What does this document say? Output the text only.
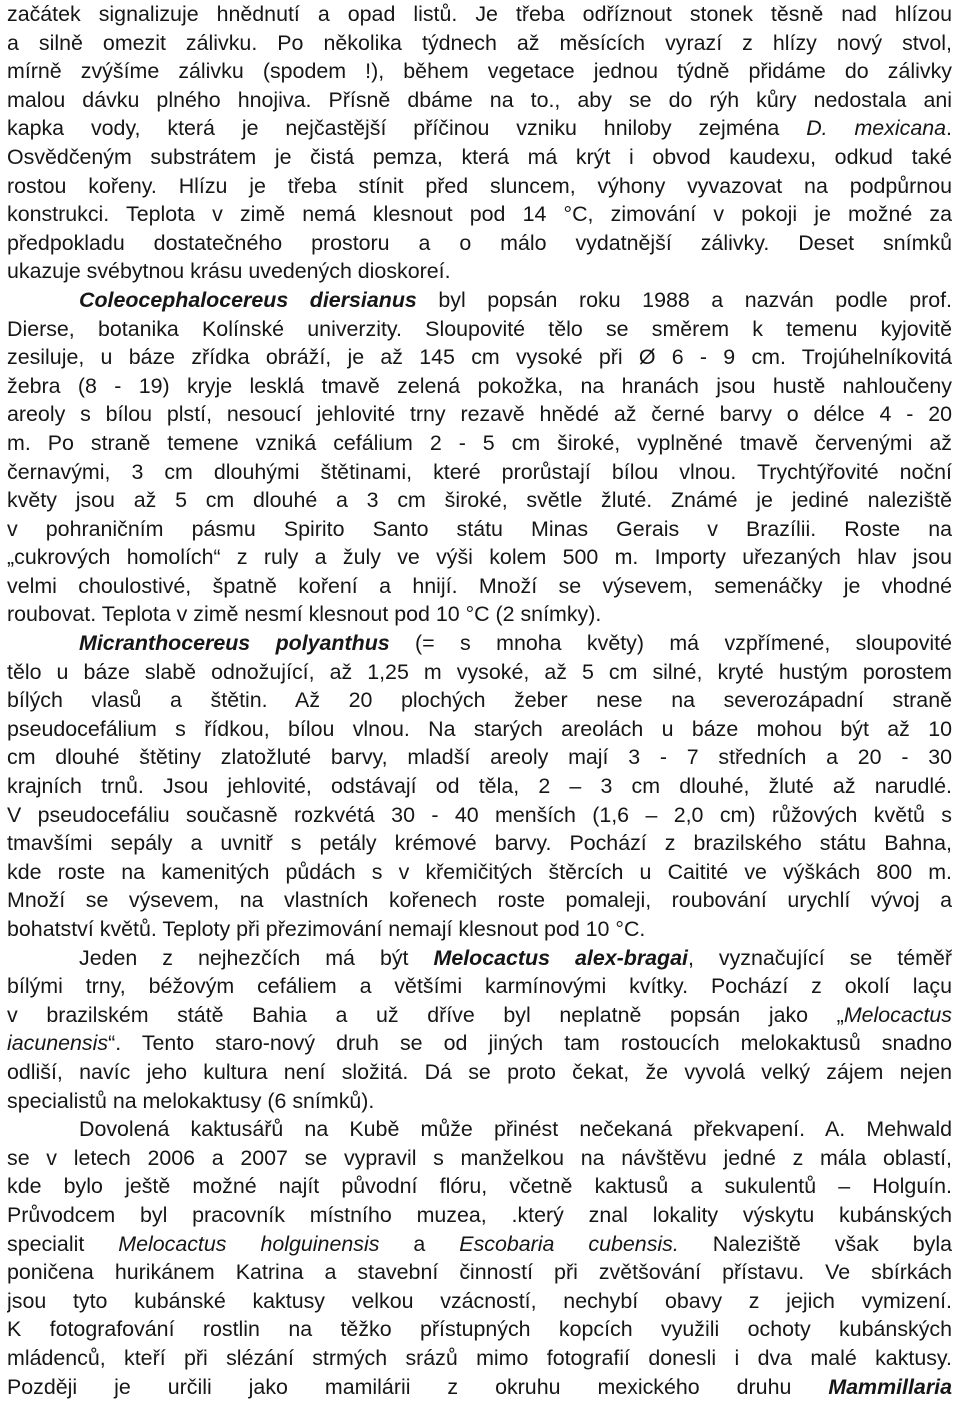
začátek signalizuje hnědnutí a opad listů. Je třeba odříznout stonek těsně nad hlízou
a silně omezit zálivku. Po několika týdnech až měsících vyrazí z hlízy nový stvol,
mírně zvýšíme zálivku (spodem !), během vegetace jednou týdně přidáme do zálivky
malou dávku plného hnojiva. Přísně dbáme na to., aby se do rýh kůry nedostala ani
kapka vody, která je nejčastější příčinou vzniku hniloby zejména D. mexicana.
Osvědčeným substrátem je čistá pemza, která má krýt i obvod kaudexu, odkud také
rostou kořeny. Hlízu je třeba stínit před sluncem, výhony vyvazovat na podpůrnou
konstrukci. Teplota v zimě nemá klesnout pod 14 °C, zimování v pokoji je možné za
předpokladu dostatečného prostoru a o málo vydatnější zálivky. Deset snímků
ukazuje svébytnou krásu uvedených dioskoreí.
Coleocephalocereus diersianus byl popsán roku 1988 a nazván podle prof.
Dierse, botanika Kolínské univerzity. Sloupovité tělo se směrem k temenu kyjovitě
zesiluje, u báze zřídka obráží, je až 145 cm vysoké při Ø 6 - 9 cm. Trojúhelníkovitá
žebra (8 - 19) kryje lesklá tmavě zelená pokožka, na hranách jsou hustě nahloučeny
areoly s bílou plstí, nesoucí jehlovité trny rezavě hnědé až černé barvy o délce 4 - 20
m. Po straně temene vzniká cefálium 2 - 5 cm široké, vyplněné tmavě červenými až
černavými, 3 cm dlouhými štětinami, které prorůstají bílou vlnou. Trychtýřovité noční
květy jsou až 5 cm dlouhé a 3 cm široké, světle žluté. Známé je jediné naleziště
v pohraničním pásmu Spirito Santo státu Minas Gerais v Brazílii. Roste na
„cukrových homolích“ z ruly a žuly ve výši kolem 500 m. Importy uřezaných hlav jsou
velmi choulostivé, špatně koření a hnijí. Množí se výsevem, semenáčky je vhodné
roubovat. Teplota v zimě nesmí klesnout pod 10 °C (2 snímky).
Micranthocereus polyanthus (= s mnoha květy) má vzpřímené, sloupovité
tělo u báze slabě odnožující, až 1,25 m vysoké, až 5 cm silné, kryté hustým porostem
bílých vlasů a štětin. Až 20 plochých žeber nese na severozápadní straně
pseudocefálium s řídkou, bílou vlnou. Na starých areolách u báze mohou být až 10
cm dlouhé štětiny zlatožluté barvy, mladší areoly mají 3 - 7 středních a 20 - 30
krajních trnů. Jsou jehlovité, odstávají od těla, 2 – 3 cm dlouhé, žluté až narudlé.
V pseudocefáliu současně rozkvétá 30 - 40 menších (1,6 – 2,0 cm) růžových květů s
tmavšími sepály a uvnitř s petály krémové barvy. Pochází z brazilského státu Bahna,
kde roste na kamenitých půdách s v křemičitých štěrcích u Caitité ve výškách 800 m.
Množí se výsevem, na vlastních kořenech roste pomaleji, roubování urychlí vývoj a
bohatství květů. Teploty při přezimování nemají klesnout pod 10 °C.
Jeden z nejhezčích má být Melocactus alex-bragai, vyznačující se téměř
bílými trny, béžovým cefáliem a většími karmínovými kvítky. Pochází z okolí laçu
v brazilském státě Bahia a už dříve byl neplatně popsán jako „Melocactus
iacunensis“. Tento staro-nový druh se od jiných tam rostoucích melokaktusů snadno
odliší, navíc jeho kultura není složitá. Dá se proto čekat, že vyvolá velký zájem nejen
specialistů na melokaktusy (6 snímků).
Dovolená kaktusářů na Kubě může přinést nečekaná překvapení. A. Mehwald
se v letech 2006 a 2007 se vypravil s manželkou na návštěvu jedné z mála oblastí,
kde bylo ještě možné najít původní flóru, včetně kaktusů a sukulentů – Holguín.
Průvodcem byl pracovník místního muzea, .který znal lokality výskytu kubánských
specialit Melocactus holguinensis a Escobaria cubensis. Naleziště však byla
poničena hurikánem Katrina a stavební činností při zvětšování přístavu. Ve sbírkách
jsou tyto kubánské kaktusy velkou vzácností, nechybí obavy z jejich vymizení.
K fotografování rostlin na těžko přístupných kopcích využili ochoty kubánských
mládenců, kteří při slézání strmých srázů mimo fotografií donesli i dva malé kaktusy.
Později je určili jako mamilárii z okruhu mexického druhu Mammillaria
